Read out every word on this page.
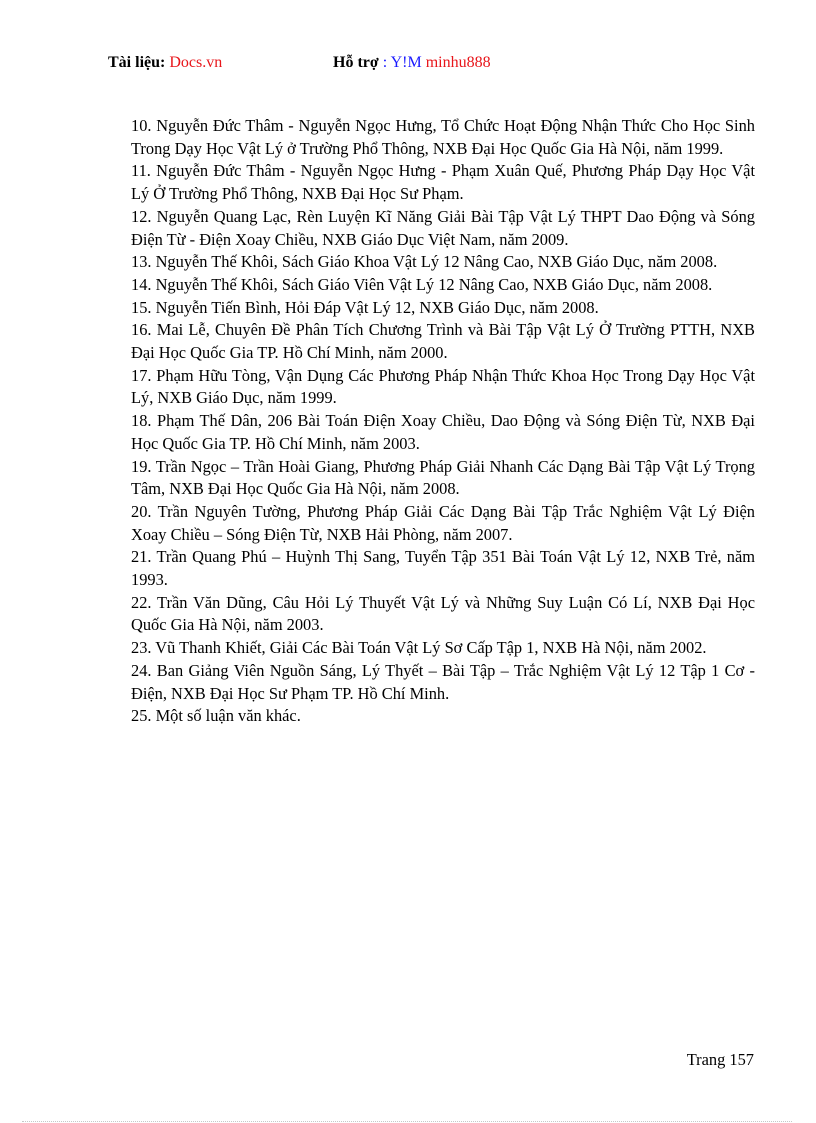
Tài liệu: Docs.vn	Hỗ trợ : Y!M minhu888

10. Nguyễn Đức Thâm - Nguyễn Ngọc Hưng, Tổ Chức Hoạt Động Nhận Thức Cho Học Sinh Trong Dạy Học Vật Lý ở Trường Phổ Thông, NXB Đại Học Quốc Gia Hà Nội, năm 1999.

11. Nguyễn Đức Thâm - Nguyễn Ngọc Hưng - Phạm Xuân Quế, Phương Pháp Dạy Học Vật Lý Ở Trường Phổ Thông, NXB Đại Học Sư Phạm.

12. Nguyễn Quang Lạc, Rèn Luyện Kĩ Năng Giải Bài Tập Vật Lý THPT Dao Động và Sóng Điện Từ - Điện Xoay Chiều, NXB Giáo Dục Việt Nam, năm 2009.

13. Nguyễn Thế Khôi, Sách Giáo Khoa Vật Lý 12 Nâng Cao, NXB Giáo Dục, năm 2008.

14. Nguyễn Thế Khôi, Sách Giáo Viên Vật Lý 12 Nâng Cao, NXB Giáo Dục, năm 2008.

15. Nguyễn Tiến Bình, Hỏi Đáp Vật Lý 12, NXB Giáo Dục, năm 2008.

16. Mai Lễ, Chuyên Đề Phân Tích Chương Trình và Bài Tập Vật Lý Ở Trường PTTH, NXB Đại Học Quốc Gia TP. Hồ Chí Minh, năm 2000.

17. Phạm Hữu Tòng, Vận Dụng Các Phương Pháp Nhận Thức Khoa Học Trong Dạy Học Vật Lý, NXB Giáo Dục, năm 1999.

18. Phạm Thế Dân, 206 Bài Toán Điện Xoay Chiều, Dao Động và Sóng Điện Từ, NXB Đại Học Quốc Gia TP. Hồ Chí Minh, năm 2003.

19. Trần Ngọc – Trần Hoài Giang, Phương Pháp Giải Nhanh Các Dạng Bài Tập Vật Lý Trọng Tâm, NXB Đại Học Quốc Gia Hà Nội, năm 2008.

20. Trần Nguyên Tường, Phương Pháp Giải Các Dạng Bài Tập Trắc Nghiệm Vật Lý Điện Xoay Chiều – Sóng Điện Từ, NXB Hải Phòng, năm 2007.

21. Trần Quang Phú – Huỳnh Thị Sang, Tuyển Tập 351 Bài Toán Vật Lý 12, NXB Trẻ, năm 1993.

22. Trần Văn Dũng, Câu Hỏi Lý Thuyết Vật Lý và Những Suy Luận Có Lí, NXB Đại Học Quốc Gia Hà Nội, năm 2003.

23. Vũ Thanh Khiết, Giải Các Bài Toán Vật Lý Sơ Cấp Tập 1, NXB Hà Nội, năm 2002.

24. Ban Giảng Viên Nguồn Sáng, Lý Thyết – Bài Tập – Trắc Nghiệm Vật Lý 12 Tập 1 Cơ - Điện, NXB Đại Học Sư Phạm TP. Hồ Chí Minh.

25. Một số luận văn khác.

Trang 157
